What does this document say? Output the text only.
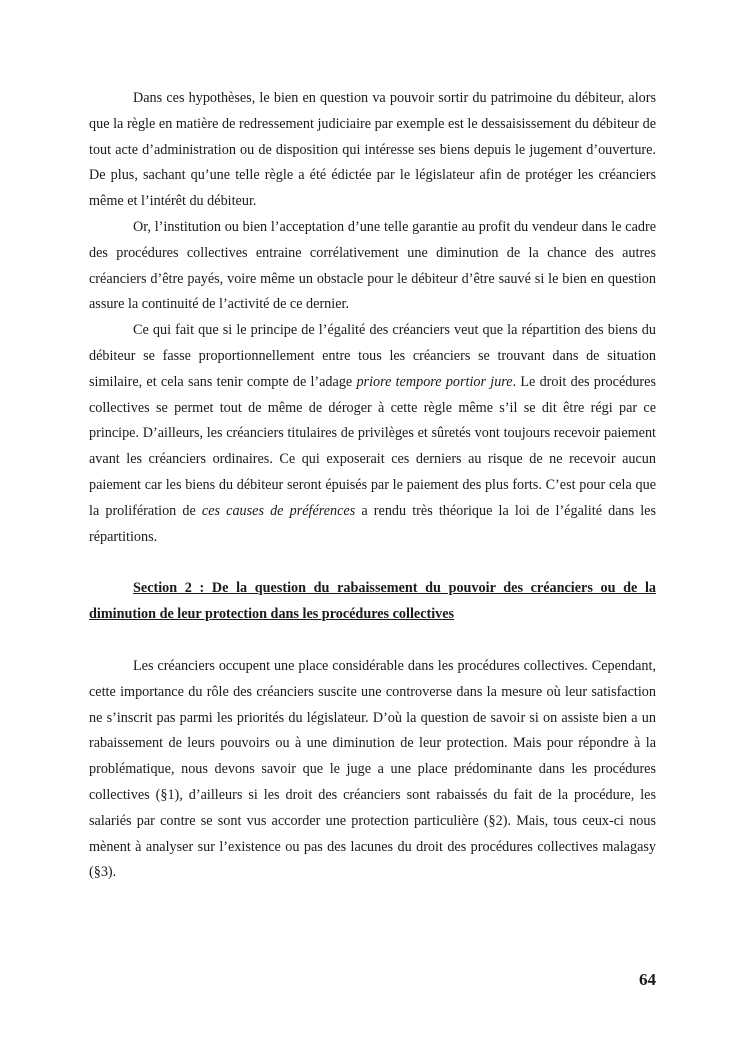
Dans ces hypothèses, le bien en question va pouvoir sortir du patrimoine du débiteur, alors que la règle en matière de redressement judiciaire par exemple est le dessaisissement du débiteur de tout acte d’administration ou de disposition qui intéresse ses biens depuis le jugement d’ouverture. De plus, sachant qu’une telle règle a été édictée par le législateur afin de protéger les créanciers même et l’intérêt du débiteur.

Or, l’institution ou bien l’acceptation d’une telle garantie au profit du vendeur dans le cadre des procédures collectives entraine corrélativement une diminution de la chance des autres créanciers d’être payés, voire même un obstacle pour le débiteur d’être sauvé si le bien en question assure la continuité de l’activité de ce dernier.

Ce qui fait que si le principe de l’égalité des créanciers veut que la répartition des biens du débiteur se fasse proportionnellement entre tous les créanciers se trouvant dans de situation similaire, et cela sans tenir compte de l’adage priore tempore portior jure. Le droit des procédures collectives se permet tout de même de déroger à cette règle même s’il se dit être régi par ce principe. D’ailleurs, les créanciers titulaires de privilèges et sûretés vont toujours recevoir paiement avant les créanciers ordinaires. Ce qui exposerait ces derniers au risque de ne recevoir aucun paiement car les biens du débiteur seront épuisés par le paiement des plus forts. C’est pour cela que la prolifération de ces causes de préférences a rendu très théorique la loi de l’égalité dans les répartitions.

Section 2 : De la question du rabaissement du pouvoir des créanciers ou de la diminution de leur protection dans les procédures collectives

Les créanciers occupent une place considérable dans les procédures collectives. Cependant, cette importance du rôle des créanciers suscite une controverse dans la mesure où leur satisfaction ne s’inscrit pas parmi les priorités du législateur. D’où la question de savoir si on assiste bien a un rabaissement de leurs pouvoirs ou à une diminution de leur protection. Mais pour répondre à la problématique, nous devons savoir que le juge a une place prédominante dans les procédures collectives (§1), d’ailleurs si les droit des créanciers sont rabaissés du fait de la procédure, les salariés par contre se sont vus accorder une protection particulière (§2). Mais, tous ceux-ci nous mènent à analyser sur l’existence ou pas des lacunes du droit des procédures collectives malagasy (§3).

64
